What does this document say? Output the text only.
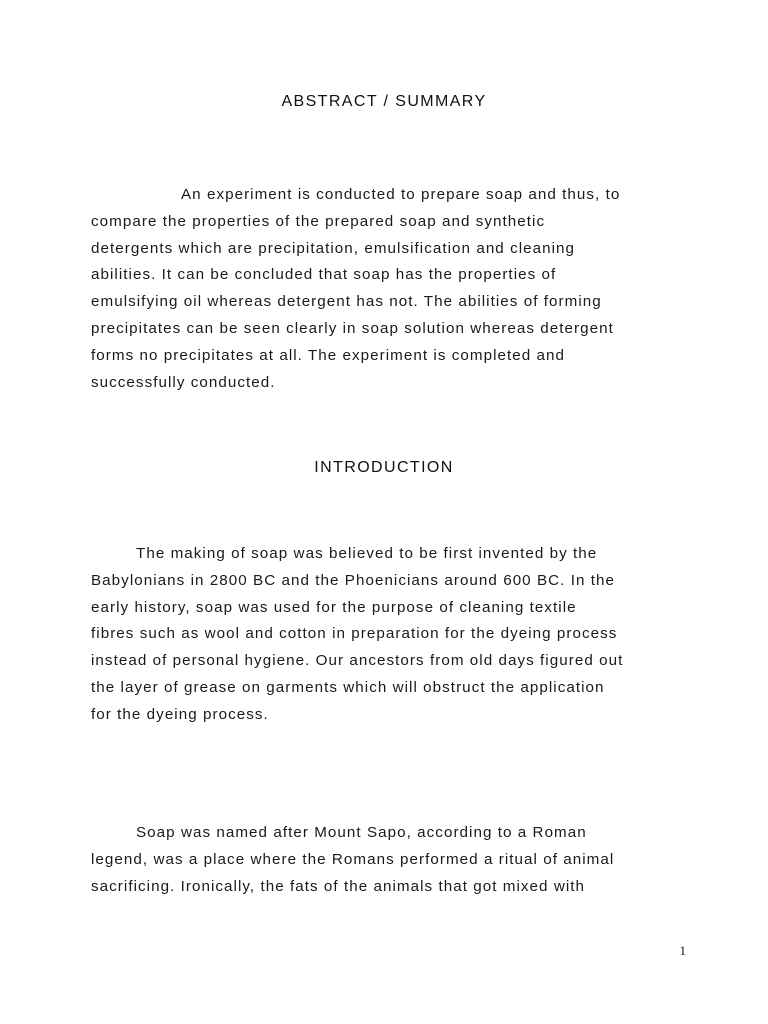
ABSTRACT / SUMMARY

An experiment is conducted to prepare soap and thus, to
compare the properties of the prepared soap and synthetic
detergents which are precipitation, emulsification and cleaning
abilities. It can be concluded that soap has the properties of
emulsifying oil whereas detergent has not. The abilities of forming
precipitates can be seen clearly in soap solution whereas detergent
forms no precipitates at all. The experiment is completed and
successfully conducted.

INTRODUCTION

The making of soap was believed to be first invented by the
Babylonians in 2800 BC and the Phoenicians around 600 BC. In the
early history, soap was used for the purpose of cleaning textile
fibres such as wool and cotton in preparation for the dyeing process
instead of personal hygiene. Our ancestors from old days figured out
the layer of grease on garments which will obstruct the application
for the dyeing process.

Soap was named after Mount Sapo, according to a Roman
legend, was a place where the Romans performed a ritual of animal
sacrificing. Ironically, the fats of the animals that got mixed with

1
